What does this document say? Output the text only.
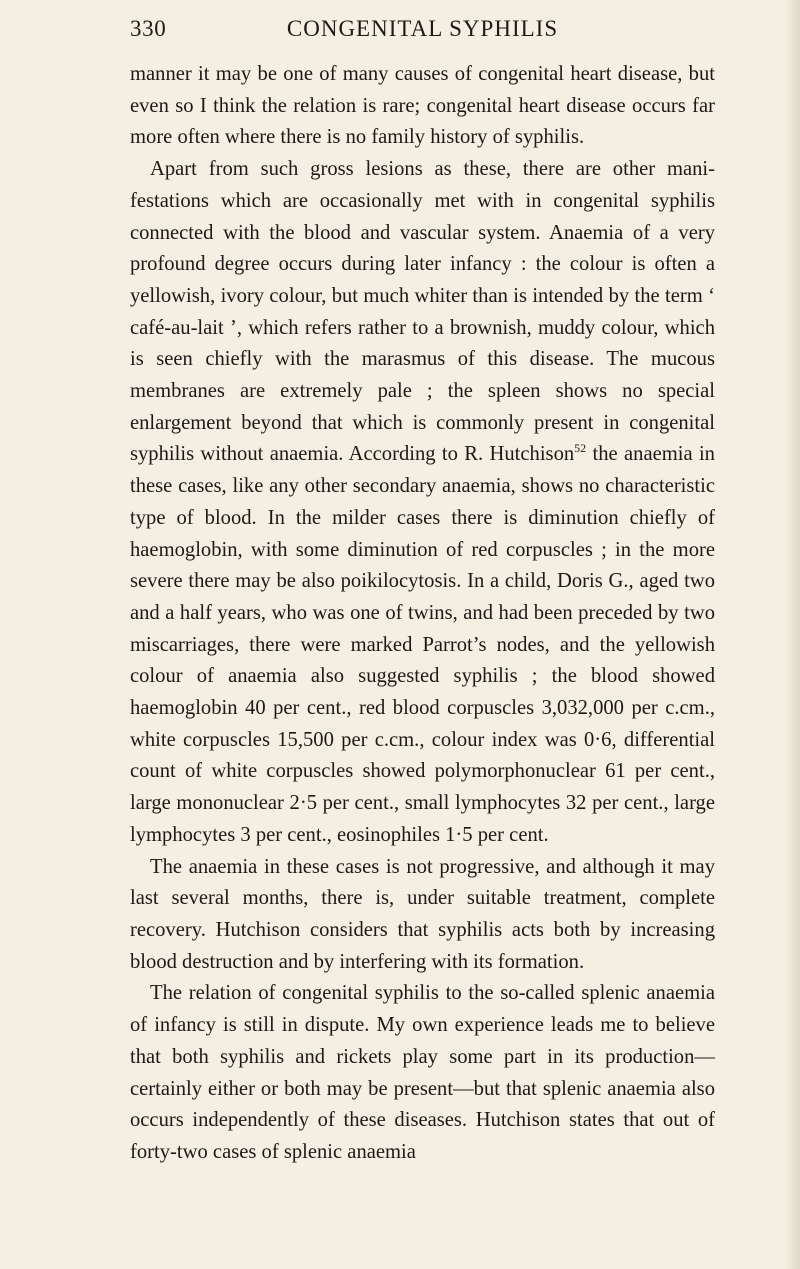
330	CONGENITAL SYPHILIS

manner it may be one of many causes of congenital heart disease, but even so I think the relation is rare; congenital heart disease occurs far more often where there is no family history of syphilis.

Apart from such gross lesions as these, there are other manifestations which are occasionally met with in congenital syphilis connected with the blood and vascular system. Anaemia of a very profound degree occurs during later infancy : the colour is often a yellowish, ivory colour, but much whiter than is intended by the term ‘ café-au-lait ’, which refers rather to a brownish, muddy colour, which is seen chiefly with the marasmus of this disease. The mucous membranes are extremely pale ; the spleen shows no special enlargement beyond that which is commonly present in congenital syphilis without anaemia. According to R. Hutchison$^{52}$ the anaemia in these cases, like any other secondary anaemia, shows no characteristic type of blood. In the milder cases there is diminution chiefly of haemoglobin, with some diminution of red corpuscles ; in the more severe there may be also poikilocytosis. In a child, Doris G., aged two and a half years, who was one of twins, and had been preceded by two miscarriages, there were marked Parrot’s nodes, and the yellowish colour of anaemia also suggested syphilis ; the blood showed haemoglobin 40 per cent., red blood corpuscles 3,032,000 per c.cm., white corpuscles 15,500 per c.cm., colour index was 0·6, differential count of white corpuscles showed polymorphonuclear 61 per cent., large mononuclear 2·5 per cent., small lymphocytes 32 per cent., large lymphocytes 3 per cent., eosinophiles 1·5 per cent.

The anaemia in these cases is not progressive, and although it may last several months, there is, under suitable treatment, complete recovery. Hutchison considers that syphilis acts both by increasing blood destruction and by interfering with its formation.

The relation of congenital syphilis to the so-called splenic anaemia of infancy is still in dispute. My own experience leads me to believe that both syphilis and rickets play some part in its production—certainly either or both may be present—but that splenic anaemia also occurs independently of these diseases. Hutchison states that out of forty-two cases of splenic anaemia
